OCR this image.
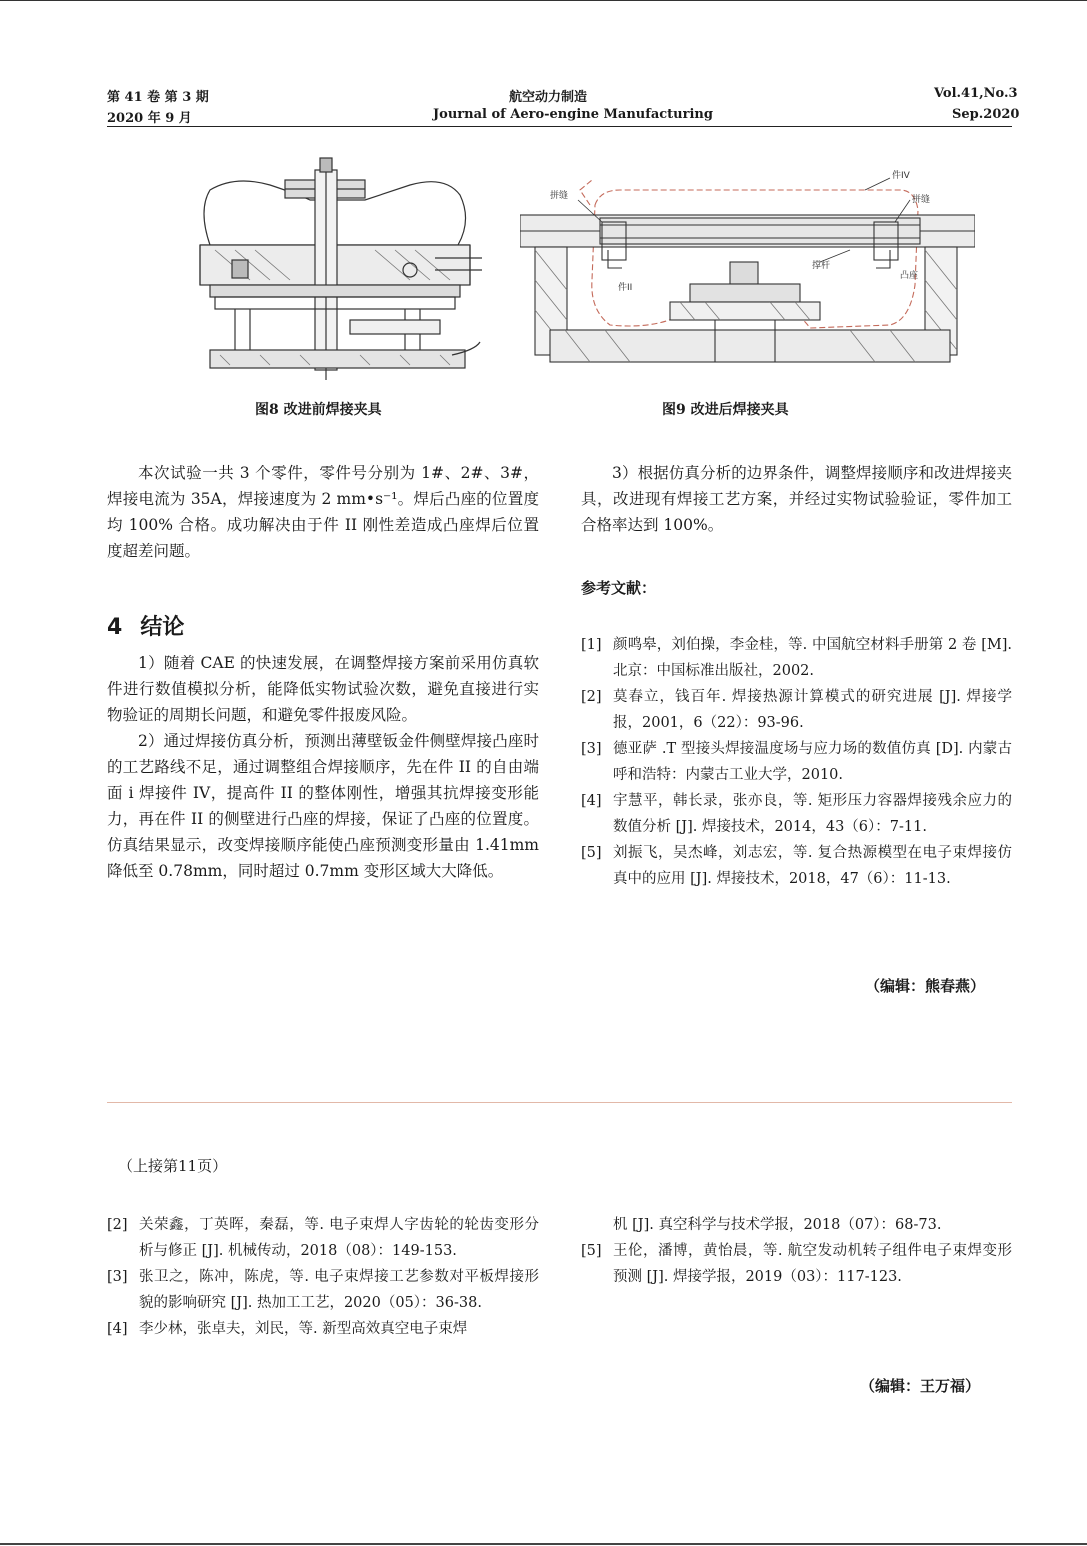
第 41 卷 第 3 期
2020 年 9 月
航空动力制造
Journal of Aero-engine Manufacturing
Vol.41,No.3
Sep.2020
图8 改进前焊接夹具
件IV
拼缝	拼缝
撑杆
件II
凸座
图9 改进后焊接夹具

本次试验一共 3 个零件，零件号分别为 1#、2#、3#，焊接电流为 35A，焊接速度为 2 mm•s⁻¹。焊后凸座的位置度均 100% 合格。成功解决由于件 II 刚性差造成凸座焊后位置度超差问题。

4 结论

1）随着 CAE 的快速发展，在调整焊接方案前采用仿真软件进行数值模拟分析，能降低实物试验次数，避免直接进行实物验证的周期长问题，和避免零件报废风险。

2）通过焊接仿真分析，预测出薄壁钣金件侧壁焊接凸座时的工艺路线不足，通过调整组合焊接顺序，先在件 II 的自由端面 i 焊接件 IV，提高件 II 的整体刚性，增强其抗焊接变形能力，再在件 II 的侧壁进行凸座的焊接，保证了凸座的位置度。仿真结果显示，改变焊接顺序能使凸座预测变形量由 1.41mm 降低至 0.78mm，同时超过 0.7mm 变形区域大大降低。

3）根据仿真分析的边界条件，调整焊接顺序和改进焊接夹具，改进现有焊接工艺方案，并经过实物试验验证，零件加工合格率达到 100%。

参考文献：
[1] 颜鸣皋，刘伯操，李金桂，等. 中国航空材料手册第 2 卷 [M]. 北京：中国标准出版社，2002.
[2] 莫春立，钱百年. 焊接热源计算模式的研究进展 [J]. 焊接学报，2001，6（22）：93-96.
[3] 德亚萨 .T 型接头焊接温度场与应力场的数值仿真 [D]. 内蒙古呼和浩特：内蒙古工业大学，2010.
[4] 宇慧平，韩长录，张亦良，等. 矩形压力容器焊接残余应力的数值分析 [J]. 焊接技术，2014，43（6）：7-11.
[5] 刘振飞，吴杰峰，刘志宏，等. 复合热源模型在电子束焊接仿真中的应用 [J]. 焊接技术，2018，47（6）：11-13.
（编辑：熊春燕）
（上接第11页）
[2] 关荣鑫，丁英晖，秦磊，等. 电子束焊人字齿轮的轮齿变形分析与修正 [J]. 机械传动，2018（08）：149-153.
[3] 张卫之，陈冲，陈虎，等. 电子束焊接工艺参数对平板焊接形貌的影响研究 [J]. 热加工工艺，2020（05）：36-38.
[4] 李少林，张卓夫，刘民，等. 新型高效真空电子束焊
机 [J]. 真空科学与技术学报，2018（07）：68-73.
[5] 王伦，潘博，黄怡晨，等. 航空发动机转子组件电子束焊变形预测 [J]. 焊接学报，2019（03）：117-123.
（编辑：王万福）
